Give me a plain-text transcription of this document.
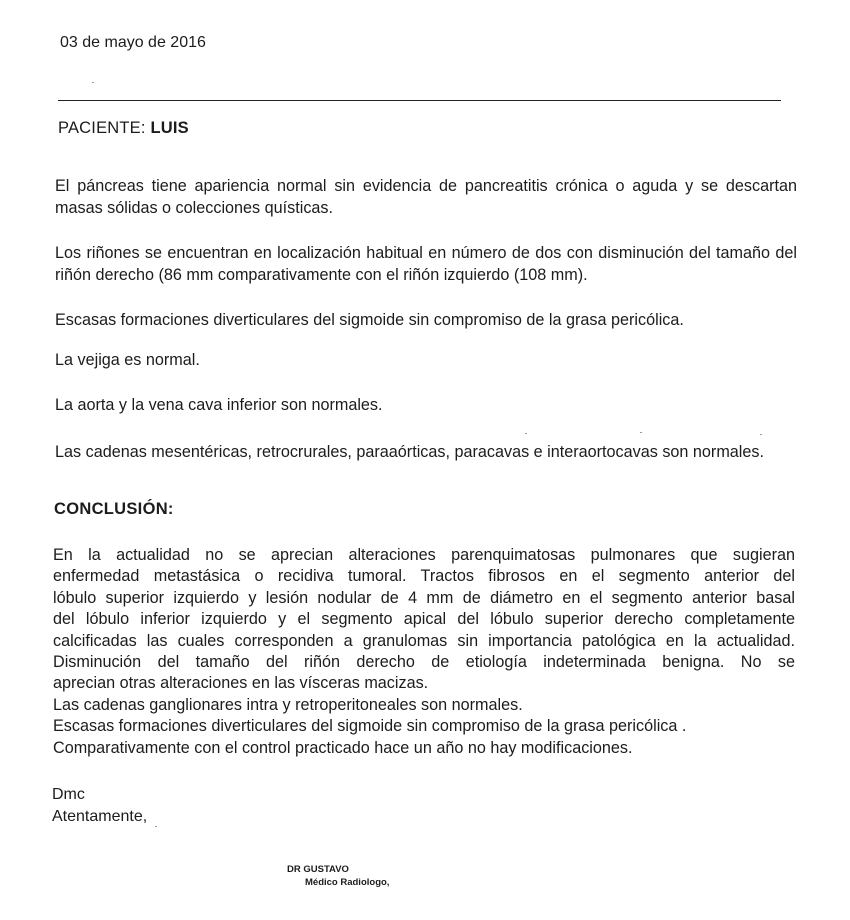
03 de mayo de 2016
PACIENTE: LUIS

El páncreas tiene apariencia normal sin evidencia de pancreatitis crónica o aguda y se descartan masas sólidas o colecciones quísticas.

Los riñones se encuentran en localización habitual en número de dos con disminución del tamaño del riñón derecho (86 mm comparativamente con el riñón izquierdo (108 mm).

Escasas formaciones diverticulares del sigmoide sin compromiso de la grasa pericólica.

La vejiga es normal.

La aorta y la vena cava inferior son normales.

Las cadenas mesentéricas, retrocrurales, paraaórticas, paracavas e interaortocavas son normales.

CONCLUSIÓN:
En la actualidad no se aprecian alteraciones parenquimatosas pulmonares que sugieran
enfermedad metastásica o recidiva tumoral. Tractos fibrosos en el segmento anterior del
lóbulo superior izquierdo y lesión nodular de 4 mm de diámetro en el segmento anterior basal
del lóbulo inferior izquierdo y el segmento apical del lóbulo superior derecho completamente
calcificadas las cuales corresponden a granulomas sin importancia patológica en la actualidad.
Disminución del tamaño del riñón derecho de etiología indeterminada benigna. No se
aprecian otras alteraciones en las vísceras macizas.
Las cadenas ganglionares intra y retroperitoneales son normales.
Escasas formaciones diverticulares del sigmoide sin compromiso de la grasa pericólica .
Comparativamente con el control practicado hace un año no hay modificaciones.
Dmc
Atentamente,
DR GUSTAVO
Médico Radiologo,
